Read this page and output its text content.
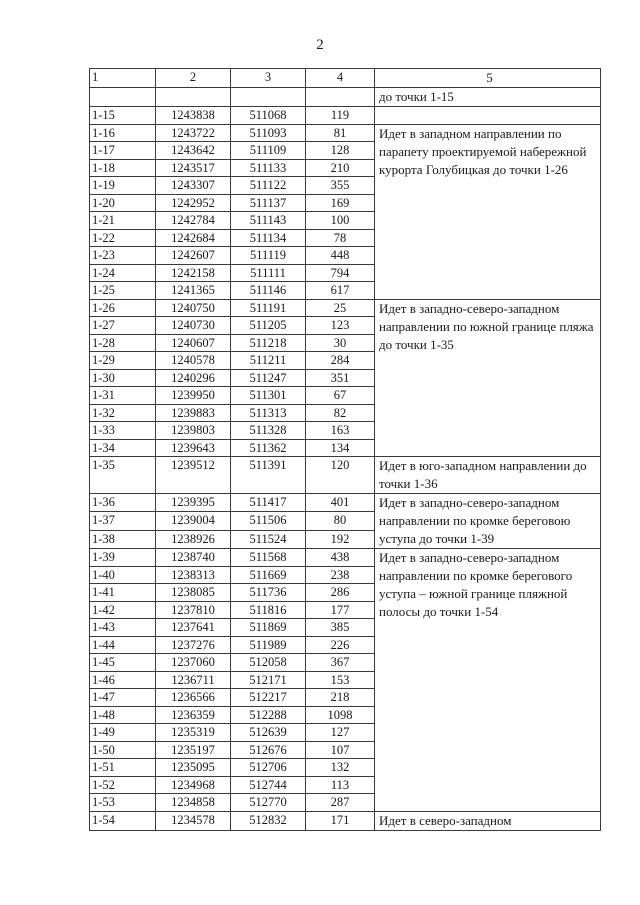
2
1	2	3	4	5
				до точки 1-15
1-15	1243838	511068	119	
1-16	1243722	511093	81	Идет в западном направлении по парапету проектируемой набережной курорта Голубицкая до точки 1-26
1-17	1243642	511109	128	
1-18	1243517	511133	210	
1-19	1243307	511122	355	
1-20	1242952	511137	169	
1-21	1242784	511143	100	
1-22	1242684	511134	78	
1-23	1242607	511119	448	
1-24	1242158	511111	794	
1-25	1241365	511146	617	
1-26	1240750	511191	25	Идет в западно-северо-западном направлении по южной границе пляжа до точки 1-35
1-27	1240730	511205	123	
1-28	1240607	511218	30	
1-29	1240578	511211	284	
1-30	1240296	511247	351	
1-31	1239950	511301	67	
1-32	1239883	511313	82	
1-33	1239803	511328	163	
1-34	1239643	511362	134	
1-35	1239512	511391	120	Идет в юго-западном направлении до точки 1-36
1-36	1239395	511417	401	Идет в западно-северо-западном направлении по кромке береговою уступа до точки 1-39
1-37	1239004	511506	80	
1-38	1238926	511524	192	
1-39	1238740	511568	438	Идет в западно-северо-западном направлении по кромке берегового уступа – южной границе пляжной полосы до точки 1-54
1-40	1238313	511669	238	
1-41	1238085	511736	286	
1-42	1237810	511816	177	
1-43	1237641	511869	385	
1-44	1237276	511989	226	
1-45	1237060	512058	367	
1-46	1236711	512171	153	
1-47	1236566	512217	218	
1-48	1236359	512288	1098	
1-49	1235319	512639	127	
1-50	1235197	512676	107	
1-51	1235095	512706	132	
1-52	1234968	512744	113	
1-53	1234858	512770	287	
1-54	1234578	512832	171	Идет в северо-западном
